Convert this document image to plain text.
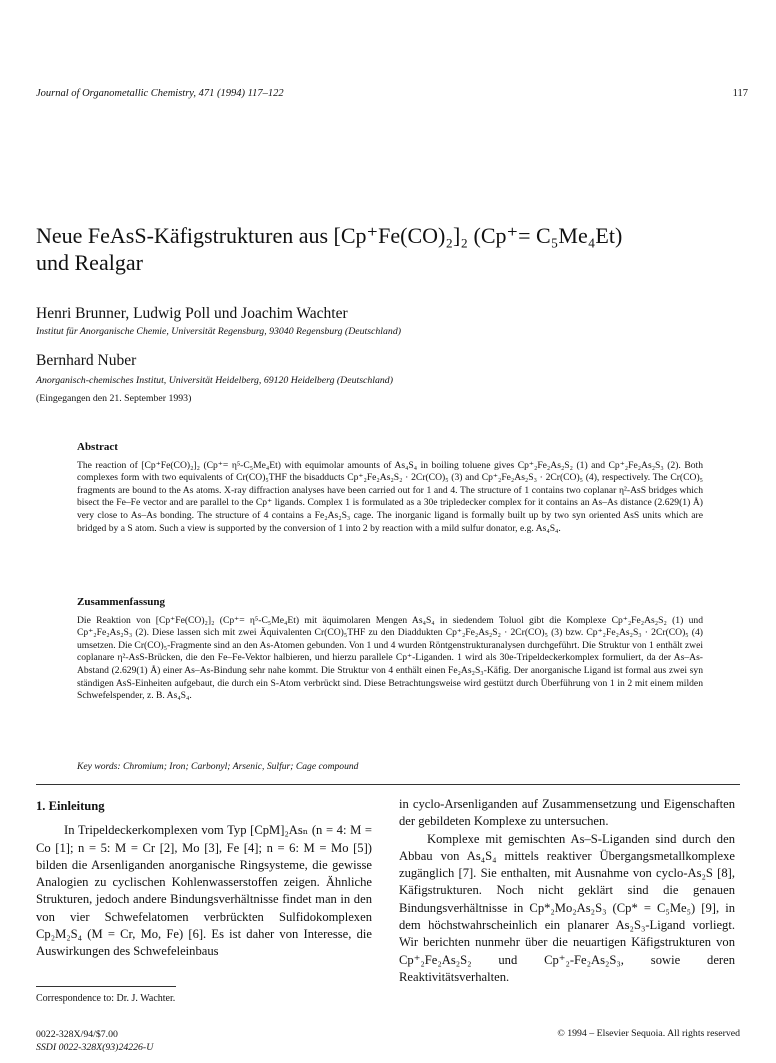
Journal of Organometallic Chemistry, 471 (1994) 117–122	117
Neue FeAsS-Käfigstrukturen aus [Cp⁺Fe(CO)₂]₂ (Cp⁺= C₅Me₄Et)
und Realgar
Henri Brunner, Ludwig Poll und Joachim Wachter
Institut für Anorganische Chemie, Universität Regensburg, 93040 Regensburg (Deutschland)
Bernhard Nuber
Anorganisch-chemisches Institut, Universität Heidelberg, 69120 Heidelberg (Deutschland)
(Eingegangen den 21. September 1993)
Abstract
The reaction of [Cp⁺Fe(CO)₂]₂ (Cp⁺= η⁵-C₅Me₄Et) with equimolar amounts of As₄S₄ in boiling toluene gives Cp⁺₂Fe₂As₂S₂ (1) and Cp⁺₂Fe₂As₂S₃ (2). Both complexes form with two equivalents of Cr(CO)₅THF the bisadducts Cp⁺₂Fe₂As₂S₂ · 2Cr(CO)₅ (3) and Cp⁺₂Fe₂As₂S₃ · 2Cr(CO)₅ (4), respectively. The Cr(CO)₅ fragments are bound to the As atoms. X-ray diffraction analyses have been carried out for 1 and 4. The structure of 1 contains two coplanar η²-AsS bridges which bisect the Fe–Fe vector and are parallel to the Cp⁺ ligands. Complex 1 is formulated as a 30e tripledecker complex for it contains an As–As distance (2.629(1) Å) very close to As–As bonding. The structure of 4 contains a Fe₂As₂S₃ cage. The inorganic ligand is formally built up by two syn oriented AsS units which are bridged by a S atom. Such a view is supported by the conversion of 1 into 2 by reaction with a mild sulfur donator, e.g. As₄S₄.
Zusammenfassung
Die Reaktion von [Cp⁺Fe(CO)₂]₂ (Cp⁺= η⁵-C₅Me₄Et) mit äquimolaren Mengen As₄S₄ in siedendem Toluol gibt die Komplexe Cp⁺₂Fe₂As₂S₂ (1) und Cp⁺₂Fe₂As₂S₃ (2). Diese lassen sich mit zwei Äquivalenten Cr(CO)₅THF zu den Diaddukten Cp⁺₂Fe₂As₂S₂ · 2Cr(CO)₅ (3) bzw. Cp⁺₂Fe₂As₂S₃ · 2Cr(CO)₅ (4) umsetzen. Die Cr(CO)₅-Fragmente sind an den As-Atomen gebunden. Von 1 und 4 wurden Röntgenstrukturanalysen durchgeführt. Die Struktur von 1 enthält zwei coplanare η²-AsS-Brücken, die den Fe–Fe-Vektor halbieren, und hierzu parallele Cp⁺-Liganden. 1 wird als 30e-Tripeldeckerkomplex formuliert, da der As–As-Abstand (2.629(1) Å) einer As–As-Bindung sehr nahe kommt. Die Struktur von 4 enthält einen Fe₂As₂S₃-Käfig. Der anorganische Ligand ist formal aus zwei syn ständigen AsS-Einheiten aufgebaut, die durch ein S-Atom verbrückt sind. Diese Betrachtungsweise wird gestützt durch Überführung von 1 in 2 mit einem milden Schwefelspender, z. B. As₄S₄.
Key words: Chromium; Iron; Carbonyl; Arsenic, Sulfur; Cage compound
1. Einleitung

In Tripeldeckerkomplexen vom Typ [CpM]₂Asₙ (n = 4: M = Co [1]; n = 5: M = Cr [2], Mo [3], Fe [4]; n = 6: M = Mo [5]) bilden die Arsenliganden anorganische Ringsysteme, die gewisse Analogien zu cyclischen Kohlenwasserstoffen zeigen. Ähnliche Strukturen, jedoch andere Bindungsverhältnisse findet man in den von vier Schwefelatomen verbrückten Sulfidokomplexen Cp₂M₂S₄ (M = Cr, Mo, Fe) [6]. Es ist daher von Interesse, die Auswirkungen des Schwefeleinbaus

in cyclo-Arsenliganden auf Zusammensetzung und Eigenschaften der gebildeten Komplexe zu untersuchen.

Komplexe mit gemischten As–S-Liganden sind durch den Abbau von As₄S₄ mittels reaktiver Übergangsmetallkomplexe zugänglich [7]. Sie enthalten, mit Ausnahme von cyclo-As₂S [8], Käfigstrukturen. Noch nicht geklärt sind die genauen Bindungsverhältnisse in Cp*₂Mo₂As₂S₃ (Cp* = C₅Me₅) [9], in dem höchstwahrscheinlich ein planarer As₂S₃-Ligand vorliegt. Wir berichten nunmehr über die neuartigen Käfigstrukturen von Cp⁺₂Fe₂As₂S₂ und Cp⁺₂-Fe₂As₂S₃, sowie deren Reaktivitätsverhalten.

Correspondence to: Dr. J. Wachter.
0022-328X/94/$7.00
SSDI 0022-328X(93)24226-U
© 1994 – Elsevier Sequoia. All rights reserved
